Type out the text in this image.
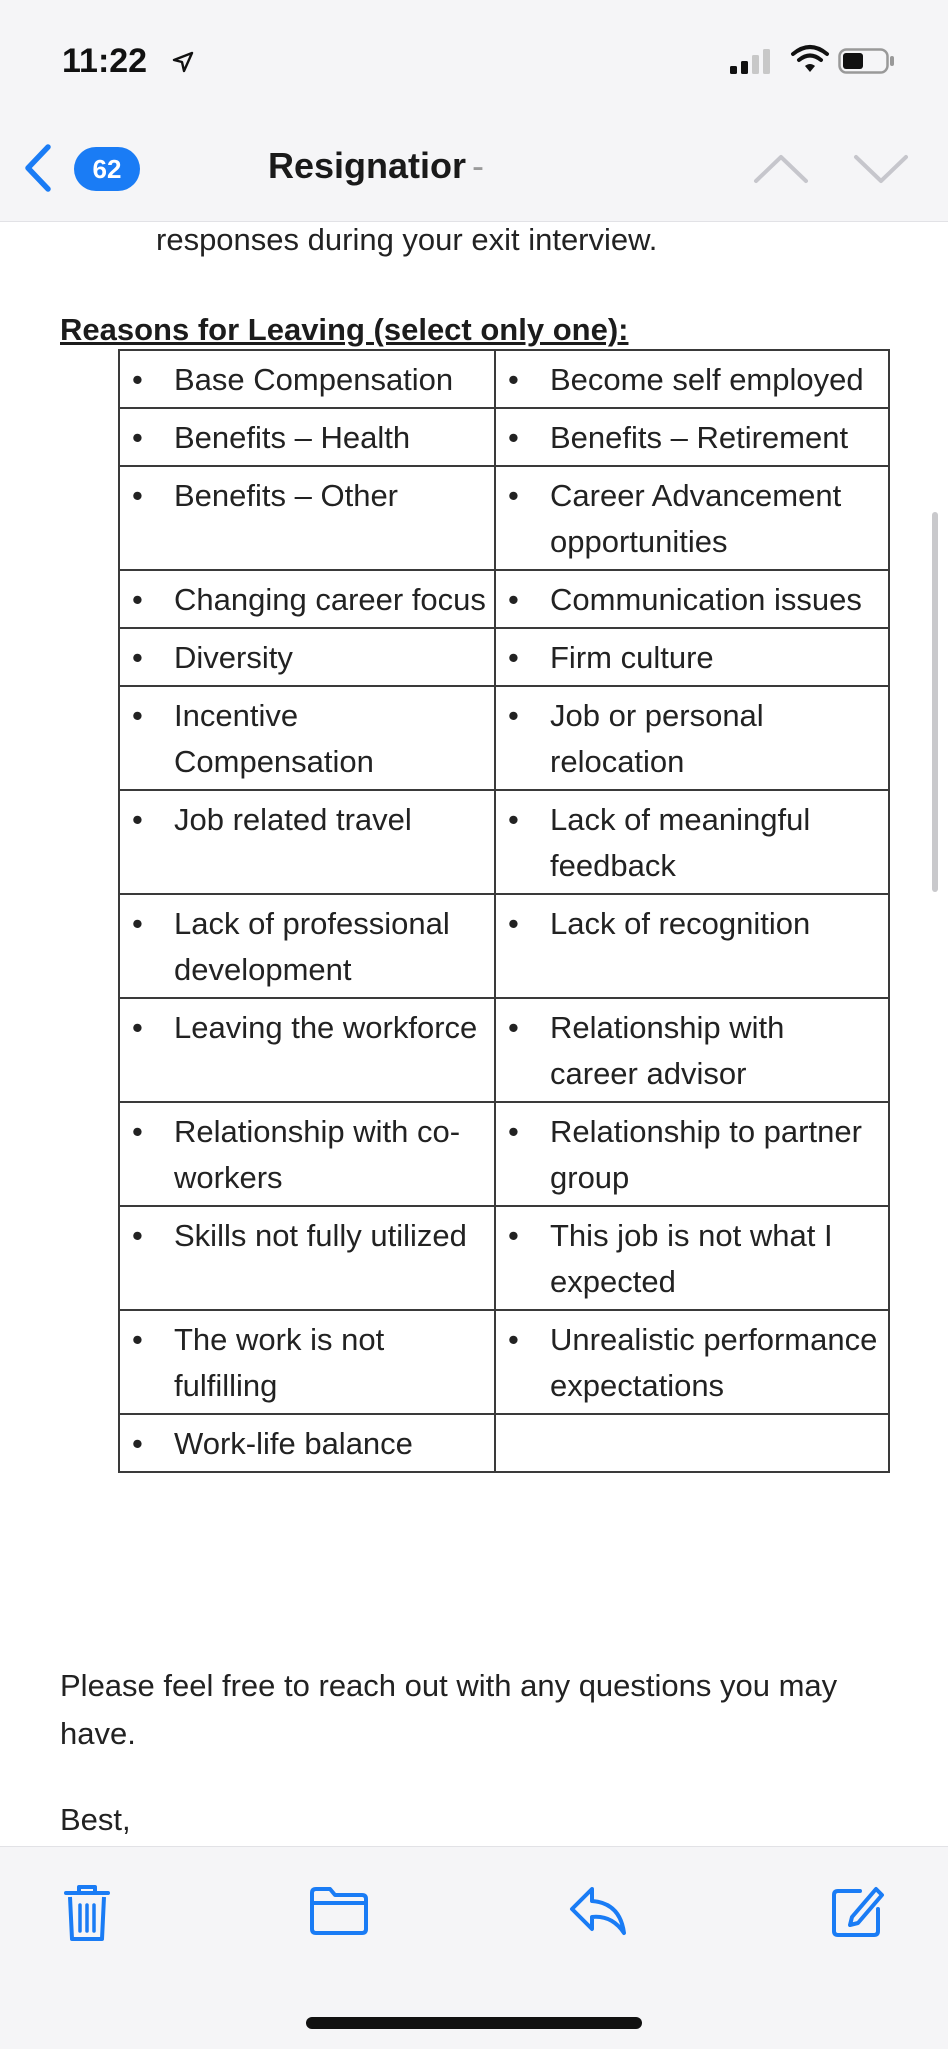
11:22
62	Resignatior -
responses during your exit interview.
Reasons for Leaving (select only one):
• Base Compensation	• Become self employed

• Benefits – Health	• Benefits – Retirement

• Benefits – Other	• Career Advancement opportunities

• Changing career focus	• Communication issues

• Diversity	• Firm culture

• Incentive Compensation	• Job or personal relocation

• Job related travel	• Lack of meaningful feedback

• Lack of professional development	• Lack of recognition

• Leaving the workforce	• Relationship with career advisor

• Relationship with co-workers	• Relationship to partner group

• Skills not fully utilized	• This job is not what I expected

• The work is not fulfilling	• Unrealistic performance expectations

• Work-life balance	

Please feel free to reach out with any questions you may have.
Best,
